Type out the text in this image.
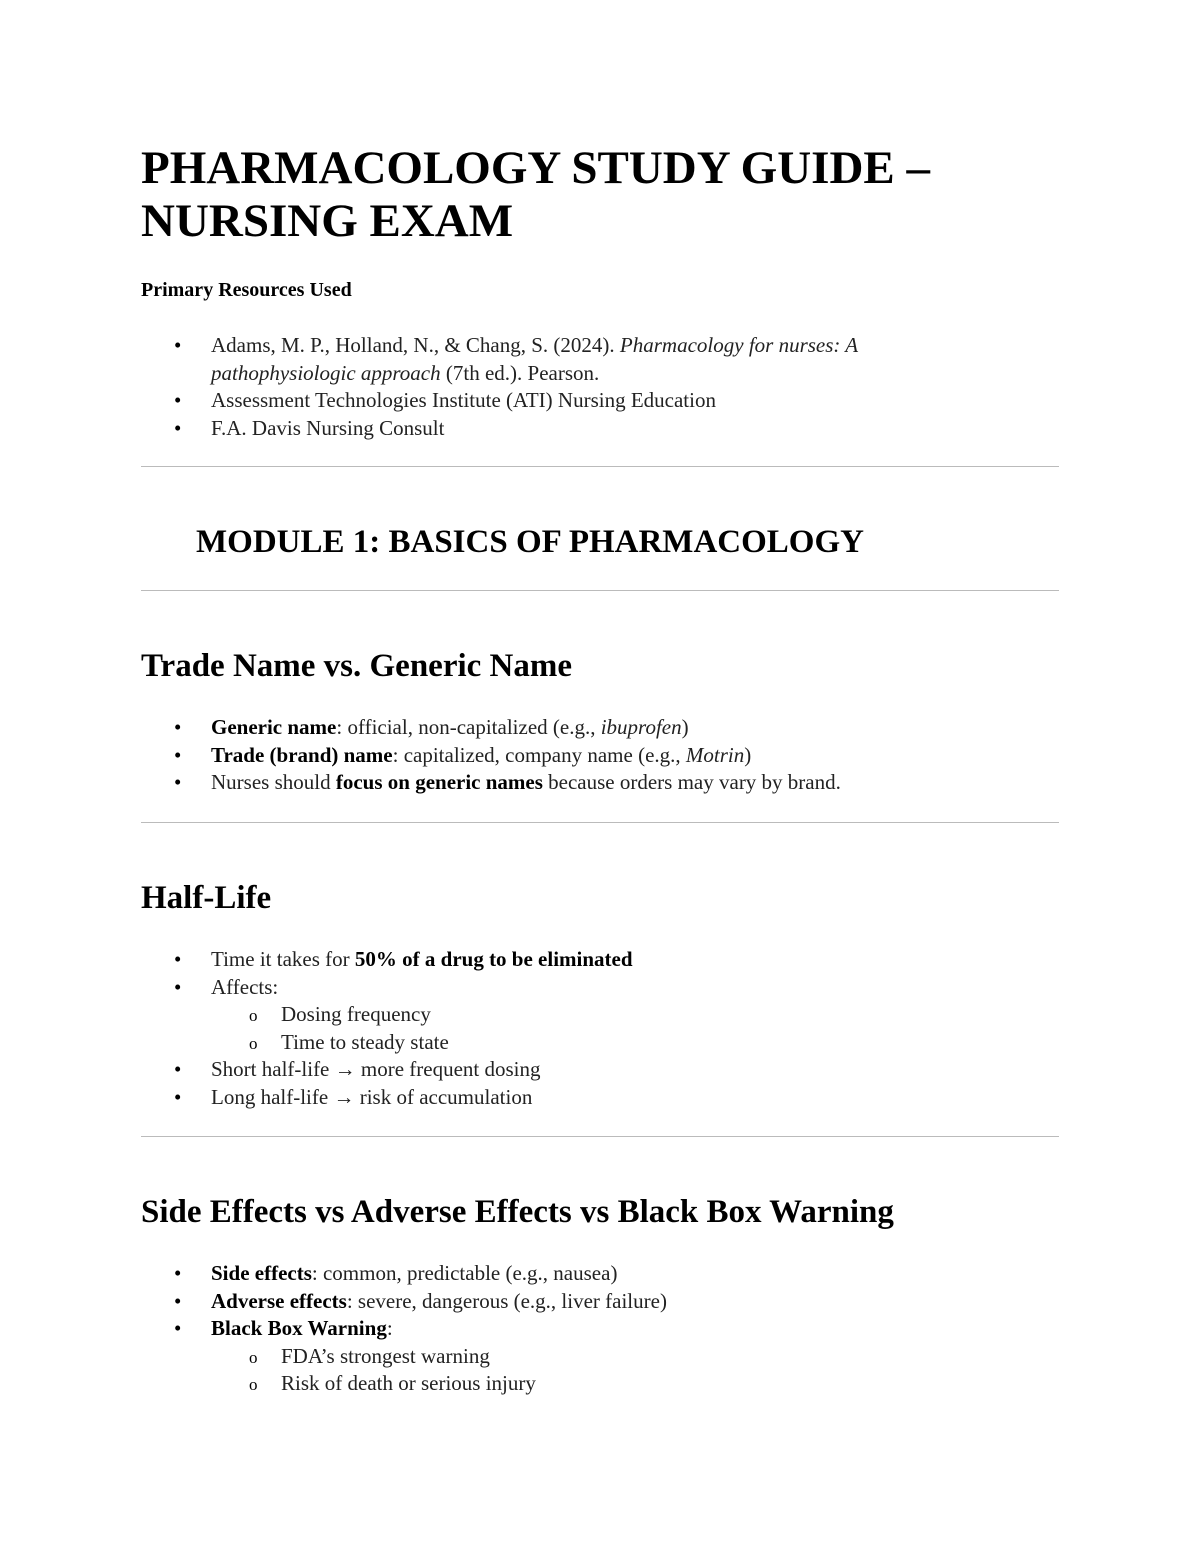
PHARMACOLOGY STUDY GUIDE – NURSING EXAM

Primary Resources Used

• Adams, M. P., Holland, N., & Chang, S. (2024). Pharmacology for nurses: A pathophysiologic approach (7th ed.). Pearson.
• Assessment Technologies Institute (ATI) Nursing Education
• F.A. Davis Nursing Consult
MODULE 1: BASICS OF PHARMACOLOGY
Trade Name vs. Generic Name
• Generic name: official, non-capitalized (e.g., ibuprofen)
• Trade (brand) name: capitalized, company name (e.g., Motrin)
• Nurses should focus on generic names because orders may vary by brand.
Half-Life
• Time it takes for 50% of a drug to be eliminated
• Affects:
o Dosing frequency
o Time to steady state
• Short half-life → more frequent dosing
• Long half-life → risk of accumulation
Side Effects vs Adverse Effects vs Black Box Warning
• Side effects: common, predictable (e.g., nausea)
• Adverse effects: severe, dangerous (e.g., liver failure)
• Black Box Warning:
o FDA’s strongest warning
o Risk of death or serious injury
